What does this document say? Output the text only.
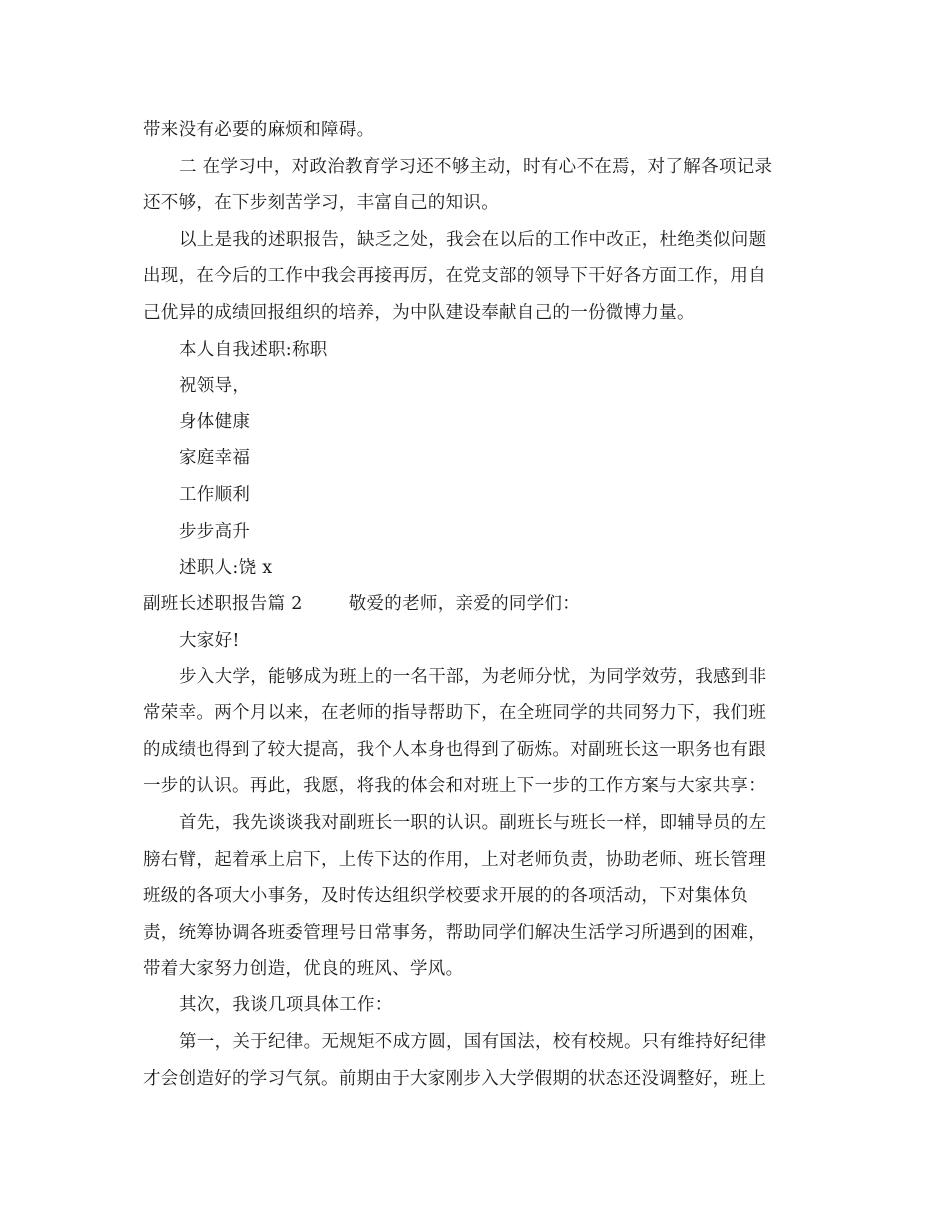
带来没有必要的麻烦和障碍。
二 在学习中，对政治教育学习还不够主动，时有心不在焉，对了解各项记录
还不够，在下步刻苦学习，丰富自己的知识。
以上是我的述职报告，缺乏之处，我会在以后的工作中改正，杜绝类似问题
出现，在今后的工作中我会再接再厉，在党支部的领导下干好各方面工作，用自
己优异的成绩回报组织的培养，为中队建设奉献自己的一份微博力量。
本人自我述职:称职
祝领导，
身体健康
家庭幸福
工作顺利
步步高升
述职人:饶 x
副班长述职报告篇 2	敬爱的老师，亲爱的同学们：
大家好!
步入大学，能够成为班上的一名干部，为老师分忧，为同学效劳，我感到非
常荣幸。两个月以来，在老师的指导帮助下，在全班同学的共同努力下，我们班
的成绩也得到了较大提高，我个人本身也得到了砺炼。对副班长这一职务也有跟
一步的认识。再此，我愿，将我的体会和对班上下一步的工作方案与大家共享：
首先，我先谈谈我对副班长一职的认识。副班长与班长一样，即辅导员的左
膀右臂，起着承上启下，上传下达的作用，上对老师负责，协助老师、班长管理
班级的各项大小事务，及时传达组织学校要求开展的的各项活动，下对集体负
责，统筹协调各班委管理号日常事务，帮助同学们解决生活学习所遇到的困难，
带着大家努力创造，优良的班风、学风。
其次，我谈几项具体工作：
第一，关于纪律。无规矩不成方圆，国有国法，校有校规。只有维持好纪律
才会创造好的学习气氛。前期由于大家刚步入大学假期的状态还没调整好，班上
